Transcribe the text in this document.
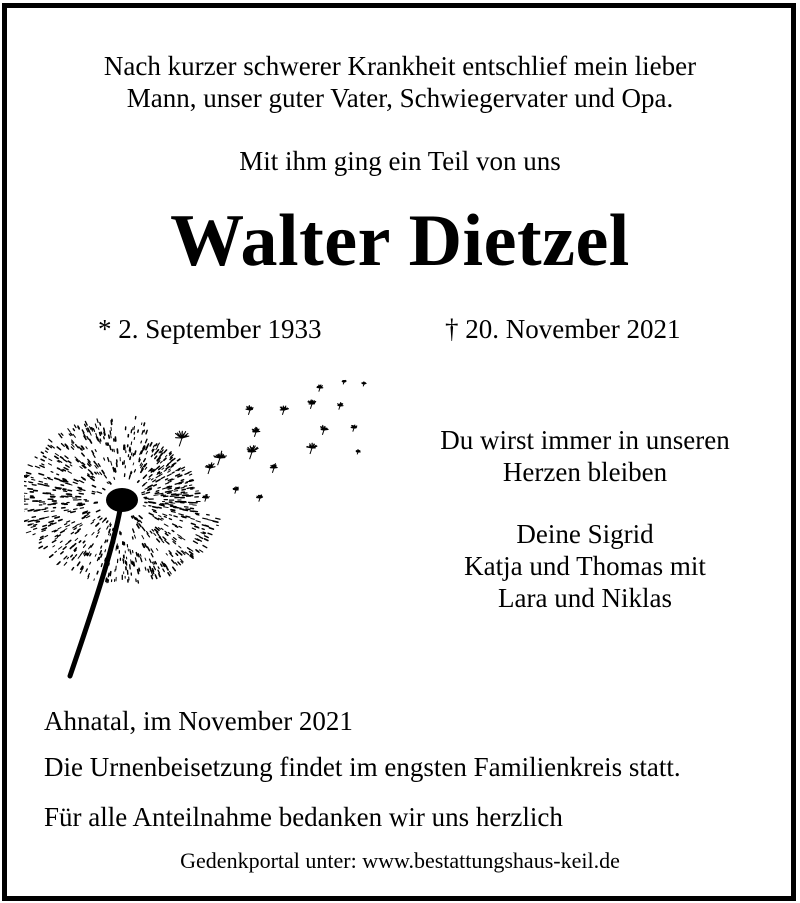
Nach kurzer schwerer Krankheit entschlief mein lieber
Mann, unser guter Vater, Schwiegervater und Opa.
Mit ihm ging ein Teil von uns
Walter Dietzel
* 2. September 1933	† 20. November 2021
Du wirst immer in unseren
Herzen bleiben
Deine Sigrid
Katja und Thomas mit
Lara und Niklas
Ahnatal, im November 2021
Die Urnenbeisetzung findet im engsten Familienkreis statt.
Für alle Anteilnahme bedanken wir uns herzlich
Gedenkportal unter: www.bestattungshaus-keil.de
